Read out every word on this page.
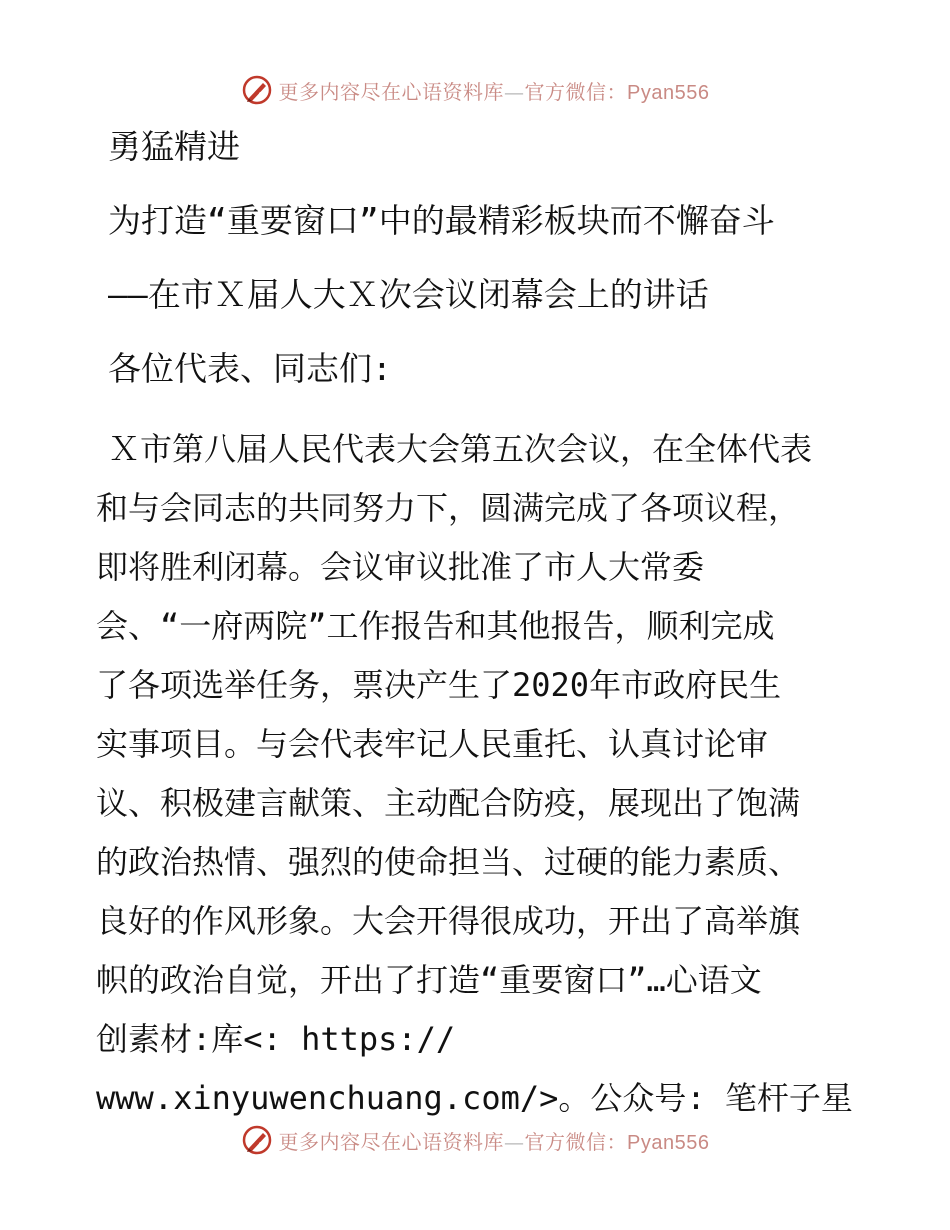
更多内容尽在心语资料库—官方微信：Pyan556
勇猛精进
为打造“重要窗口”中的最精彩板块而不懈奋斗
——在市Ｘ届人大Ｘ次会议闭幕会上的讲话
各位代表、同志们:
Ｘ市第八届人民代表大会第五次会议，在全体代表
和与会同志的共同努力下，圆满完成了各项议程，
即将胜利闭幕。会议审议批准了市人大常委
会、“一府两院”工作报告和其他报告，顺利完成
了各项选举任务，票决产生了2020年市政府民生
实事项目。与会代表牢记人民重托、认真讨论审
议、积极建言献策、主动配合防疫，展现出了饱满
的政治热情、强烈的使命担当、过硬的能力素质、
良好的作风形象。大会开得很成功，开出了高举旗
帜的政治自觉，开出了打造“重要窗口”…心语文
创素材:库<: https://
www.xinyuwenchuang.com/>。公众号: 笔杆子星
更多内容尽在心语资料库—官方微信：Pyan556
